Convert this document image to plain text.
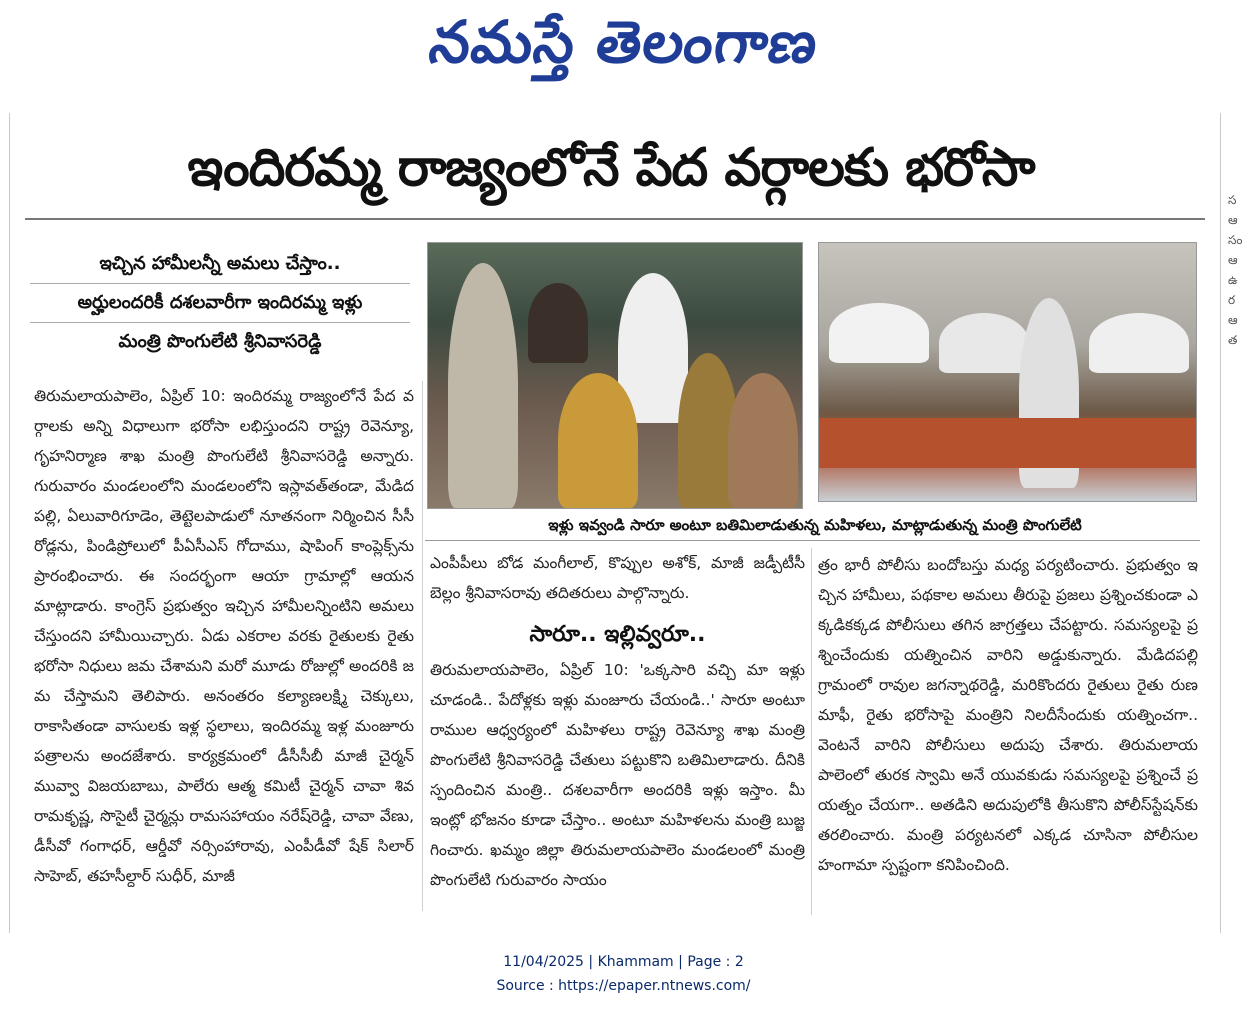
నమస్తే తెలంగాణ
స ఆ సం ఆ ఉ ర ఆ త
ఇందిరమ్మ రాజ్యంలోనే పేద వర్గాలకు భరోసా
ఇచ్చిన హామీలన్నీ అమలు చేస్తాం..
అర్హులందరికీ దశలవారీగా ఇందిరమ్మ ఇళ్లు
మంత్రి పొంగులేటి శ్రీనివాసరెడ్డి

తిరుమలాయపాలెం, ఏప్రిల్ 10: ఇందిరమ్మ రాజ్యంలోనే పేద వర్గాలకు అన్ని విధాలుగా భరోసా లభిస్తుందని రాష్ట్ర రెవెన్యూ, గృహనిర్మాణ శాఖ మంత్రి పొంగులేటి శ్రీనివాసరెడ్డి అన్నారు. గురువారం మండలంలోని మండలంలోని ఇస్లావత్‌తండా, మేడిదపల్లి, ఏలువారిగూడెం, తెట్టెలపాడులో నూతనంగా నిర్మించిన సీసీ రోడ్లను, పిండిప్రోలులో పీఏసీఎస్ గోదాము, షాపింగ్ కాంప్లెక్స్‌ను ప్రారంభించారు. ఈ సందర్భంగా ఆయా గ్రామాల్లో ఆయన మాట్లాడారు. కాంగ్రెస్ ప్రభుత్వం ఇచ్చిన హామీలన్నింటిని అమలు చేస్తుందని హామీయిచ్చారు. ఏడు ఎకరాల వరకు రైతులకు రైతు భరోసా నిధులు జమ చేశామని మరో మూడు రోజుల్లో అందరికి జమ చేస్తామని తెలిపారు. అనంతరం కల్యాణలక్ష్మి చెక్కులు, రాకాసితండా వాసులకు ఇళ్ల స్థలాలు, ఇందిరమ్మ ఇళ్ల మంజూరు పత్రాలను అందజేశారు. కార్యక్రమంలో డీసీసీబీ మాజీ చైర్మన్ మువ్వా విజయబాబు, పాలేరు ఆత్మ కమిటీ చైర్మన్ చావా శివరామకృష్ణ, సొసైటీ చైర్మన్లు రామసహాయం నరేష్‌రెడ్డి, చావా వేణు, డీసీవో గంగాధర్, ఆర్డీవో నర్సింహారావు, ఎంపీడీవో షేక్ సిలార్ సాహెబ్, తహసీల్దార్ సుధీర్, మాజీ

ఇళ్లు ఇవ్వండి సారూ అంటూ బతిమిలాడుతున్న మహిళలు, మాట్లాడుతున్న మంత్రి పొంగులేటి

ఎంపీపీలు బోడ మంగీలాల్, కొప్పుల అశోక్, మాజీ జడ్పీటీసీ బెల్లం శ్రీనివాసరావు తదితరులు పాల్గొన్నారు.

సారూ.. ఇల్లివ్వరూ..

తిరుమలాయపాలెం, ఏప్రిల్ 10: 'ఒక్కసారి వచ్చి మా ఇళ్లు చూడండి.. పేదోళ్లకు ఇళ్లు మంజూరు చేయండి..' సారూ అంటూ రాముల ఆధ్వర్యంలో మహిళలు రాష్ట్ర రెవెన్యూ శాఖ మంత్రి పొంగులేటి శ్రీనివాసరెడ్డి చేతులు పట్టుకొని బతిమిలాడారు. దీనికి స్పందించిన మంత్రి.. దశలవారీగా అందరికి ఇళ్లు ఇస్తాం. మీ ఇంట్లో భోజనం కూడా చేస్తాం.. అంటూ మహిళలను మంత్రి బుజ్జగించారు. ఖమ్మం జిల్లా తిరుమలాయపాలెం మండలంలో మంత్రి పొంగులేటి గురువారం సాయం

త్రం భారీ పోలీసు బందోబస్తు మధ్య పర్యటించారు. ప్రభుత్వం ఇచ్చిన హామీలు, పథకాల అమలు తీరుపై ప్రజలు ప్రశ్నించకుండా ఎక్కడికక్కడ పోలీసులు తగిన జాగ్రత్తలు చేపట్టారు. సమస్యలపై ప్రశ్నించేందుకు యత్నించిన వారిని అడ్డుకున్నారు. మేడిదపల్లి గ్రామంలో రావుల జగన్నాథరెడ్డి, మరికొందరు రైతులు రైతు రుణమాఫీ, రైతు భరోసాపై మంత్రిని నిలదీసేందుకు యత్నించగా.. వెంటనే వారిని పోలీసులు అదుపు చేశారు. తిరుమలాయపాలెంలో తురక స్వామి అనే యువకుడు సమస్యలపై ప్రశ్నించే ప్రయత్నం చేయగా.. అతడిని అదుపులోకి తీసుకొని పోలీస్‌స్టేషన్‌కు తరలించారు. మంత్రి పర్యటనలో ఎక్కడ చూసినా పోలీసుల హంగామా స్పష్టంగా కనిపించింది.

11/04/2025 | Khammam | Page : 2
Source : https://epaper.ntnews.com/
